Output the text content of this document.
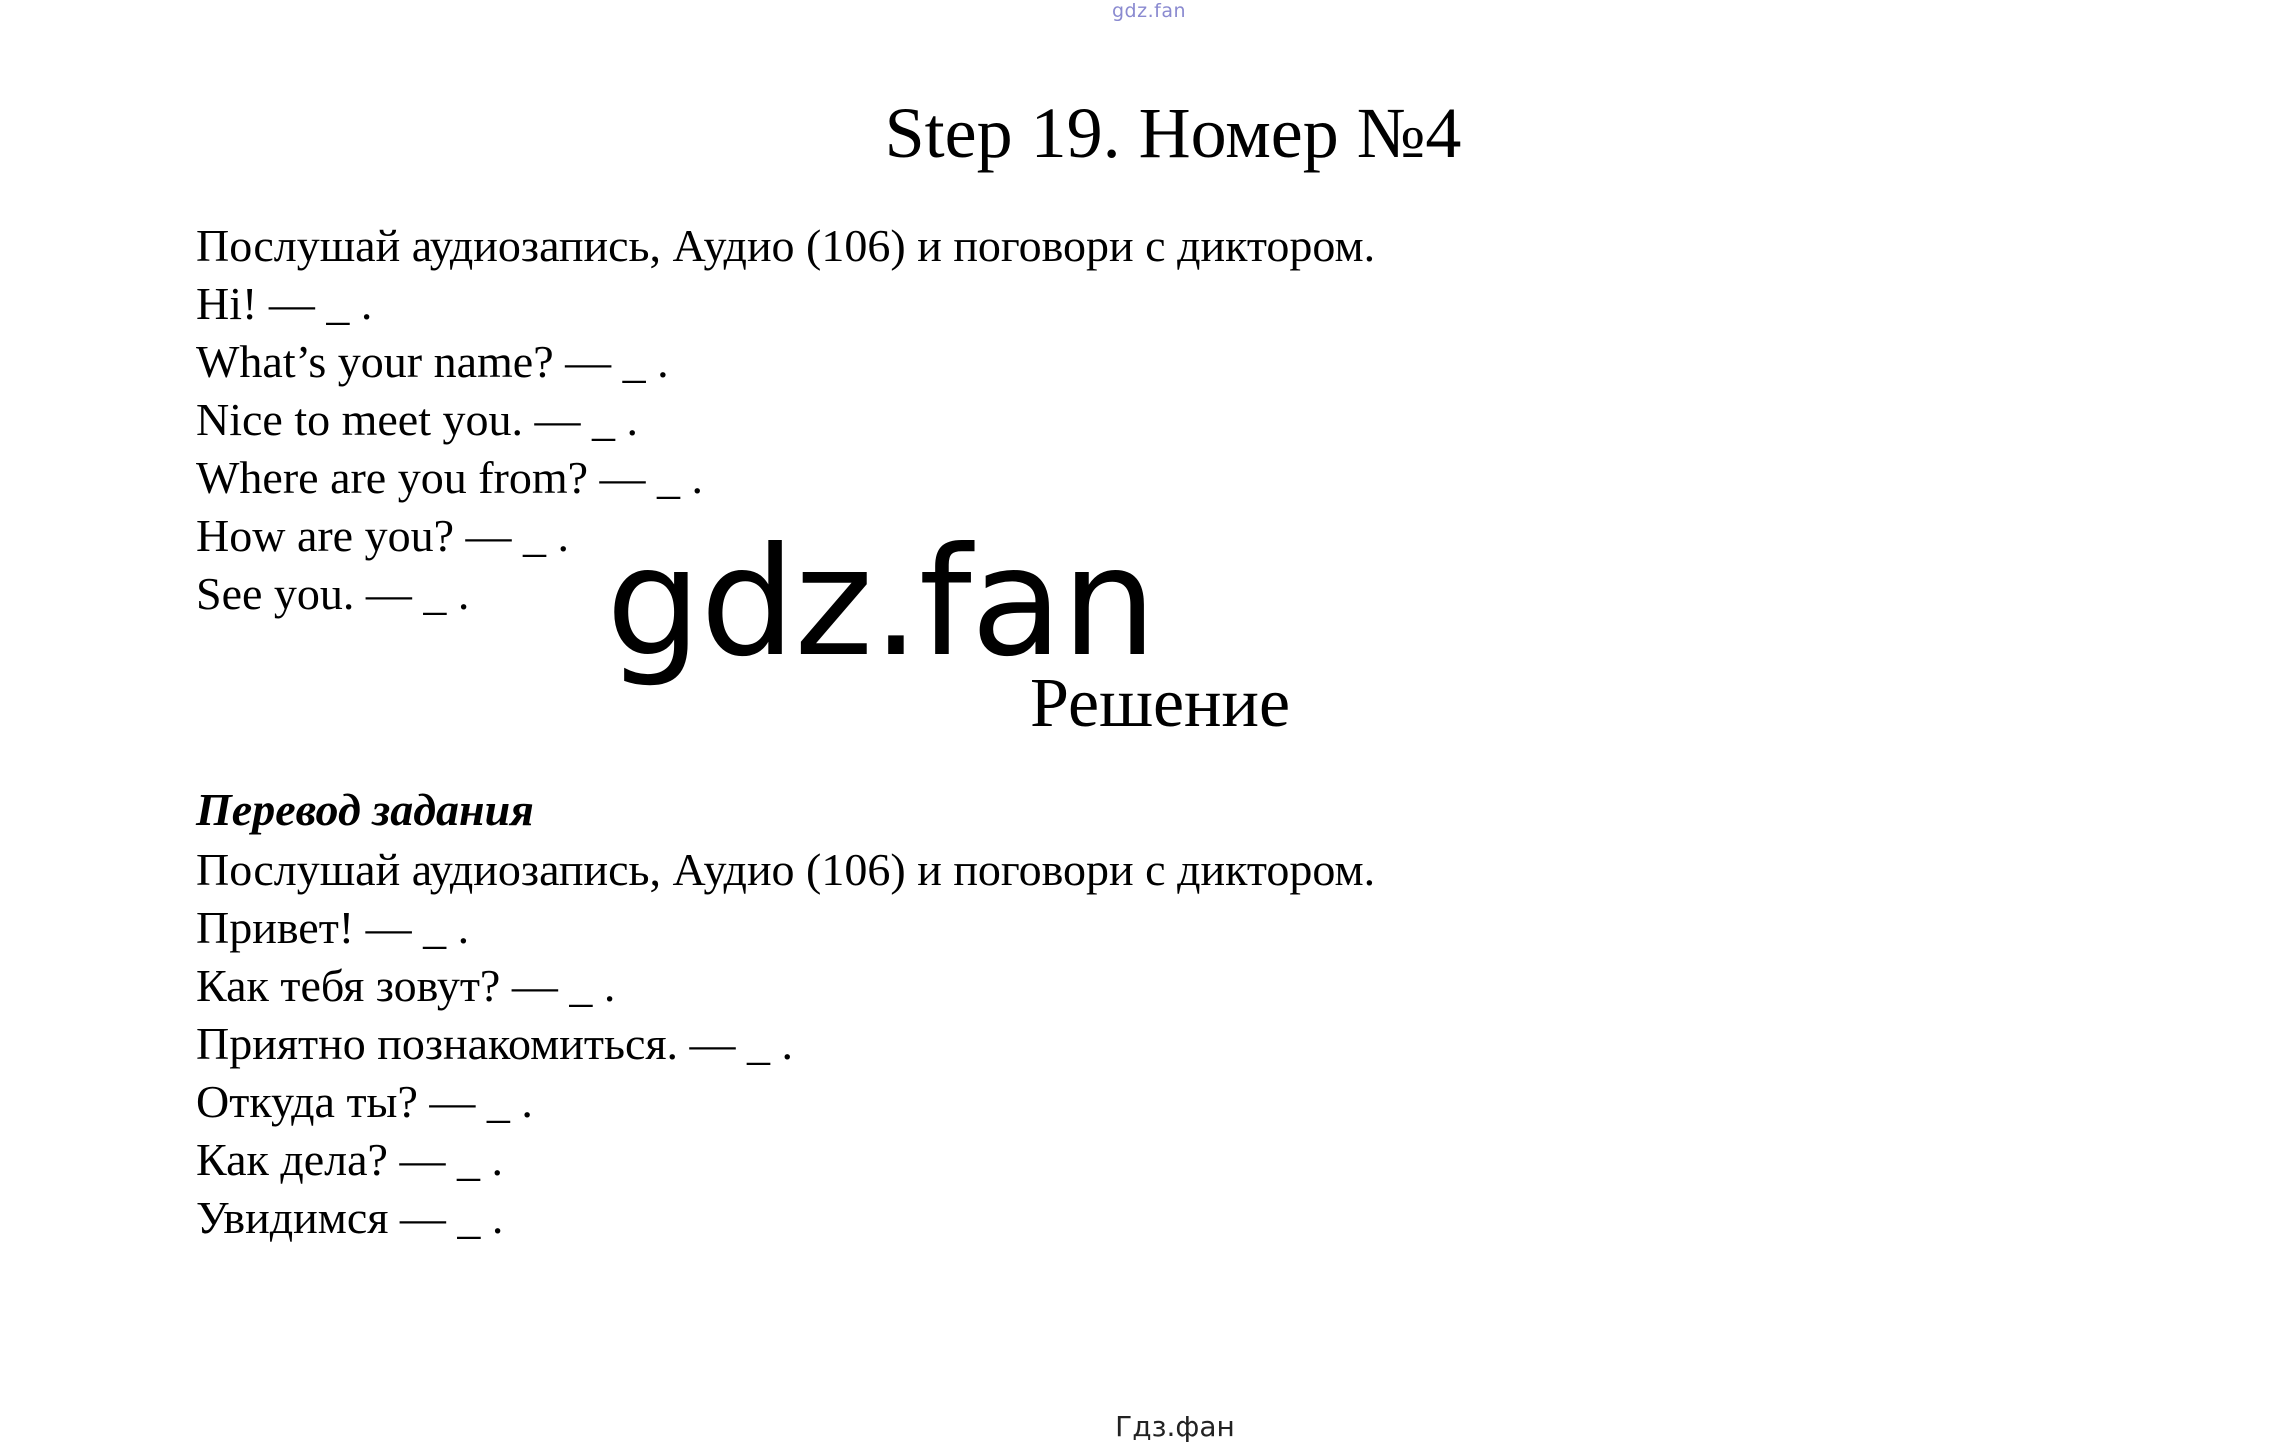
gdz.fan
Step 19. Номер №4
Послушай аудиозапись, Аудио (106) и поговори с диктором.
Hi! — _ .
What’s your name? — _ .
Nice to meet you. — _ .
Where are you from? — _ .
How are you? — _ .
See you. — _ . gdz.fan
Решение
Перевод задания
Послушай аудиозапись, Аудио (106) и поговори с диктором.
Привет! — _ .
Как тебя зовут? — _ .
Приятно познакомиться. — _ .
Откуда ты? — _ .
Как дела? — _ .
Увидимся — _ .
Гдз.фан
